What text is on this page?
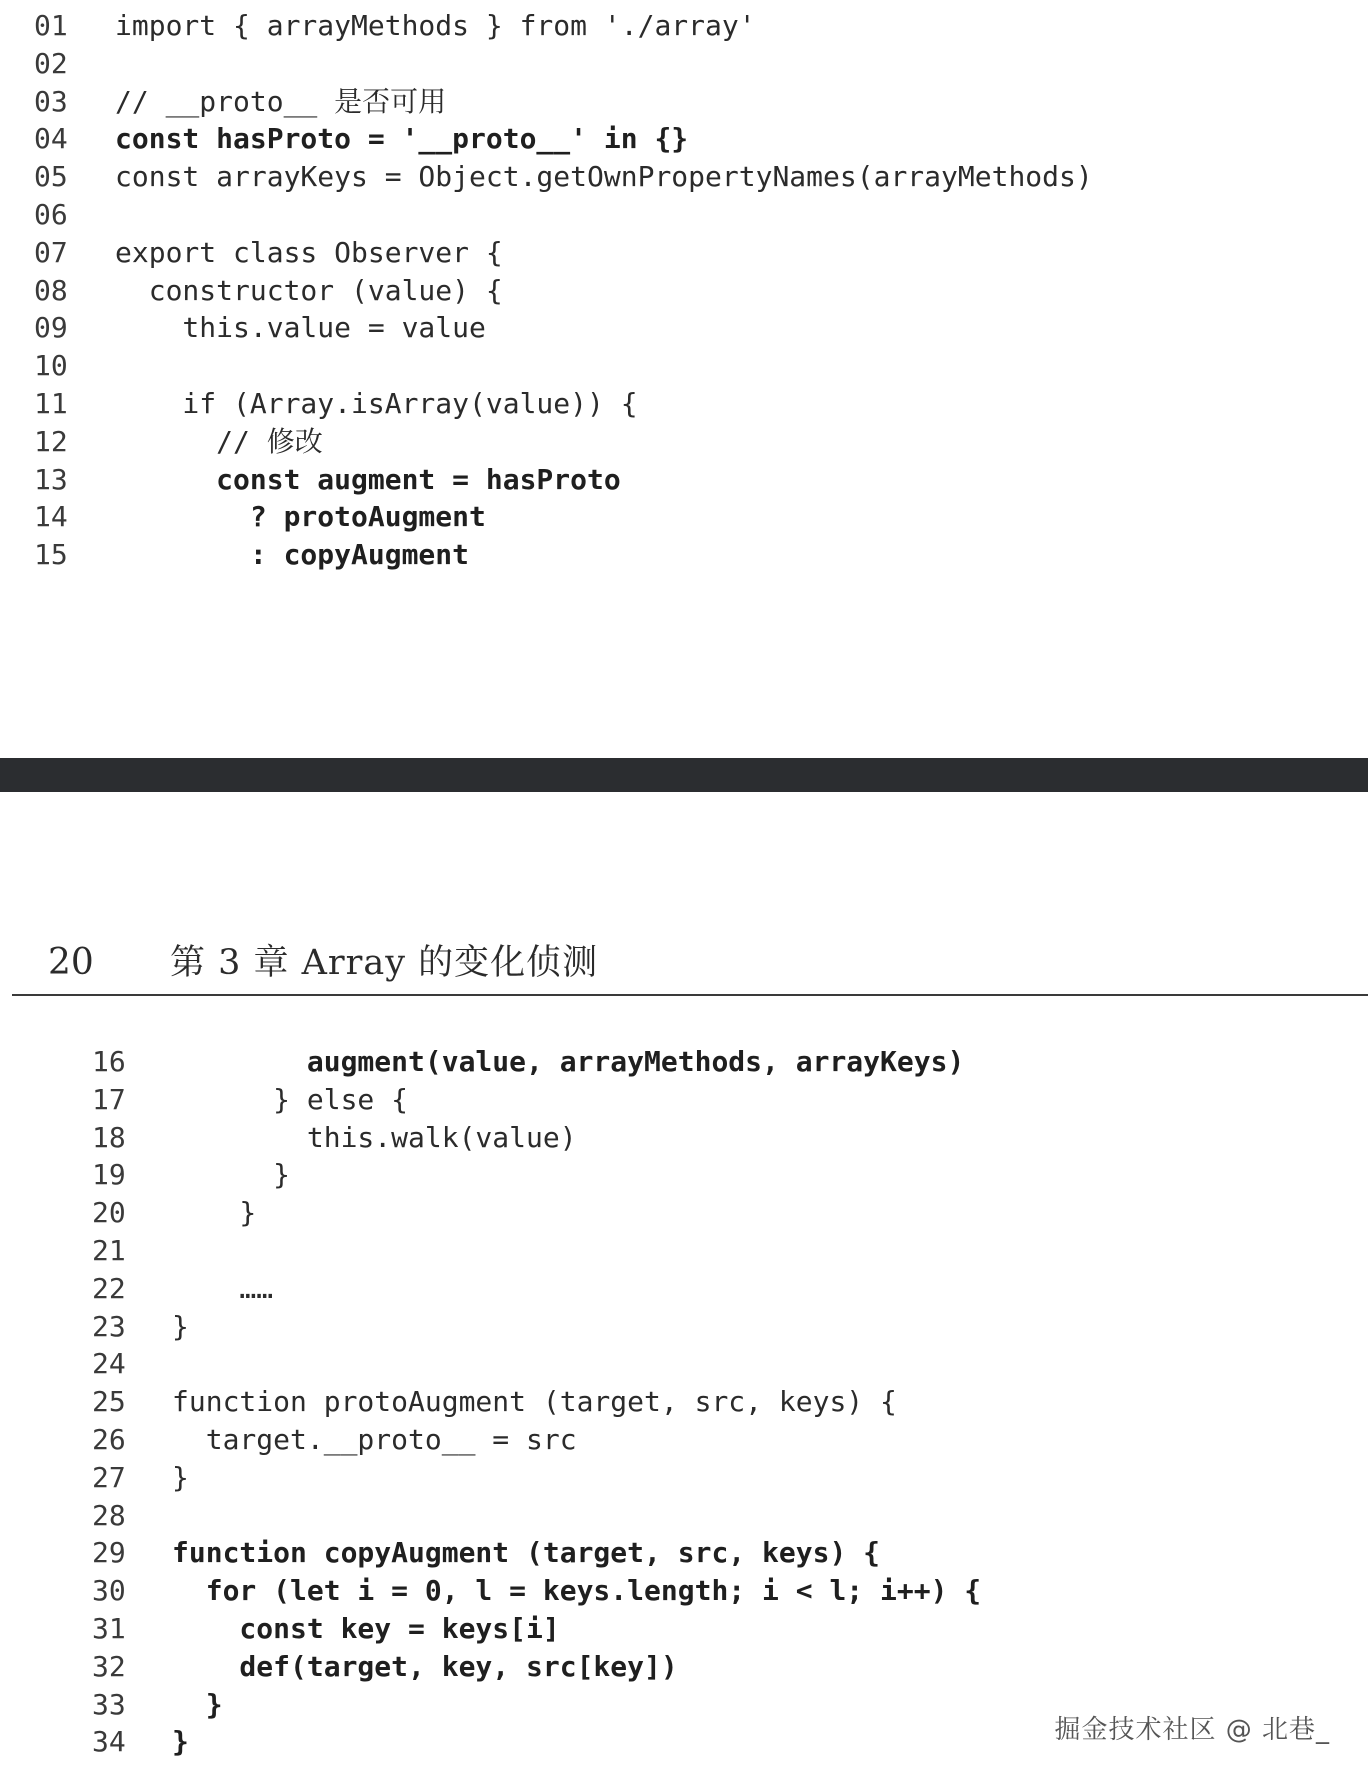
01 import { arrayMethods } from './array'
02
03 // __proto__ 是否可用
04 const hasProto = '__proto__' in {}
05 const arrayKeys = Object.getOwnPropertyNames(arrayMethods)
06
07 export class Observer {
08 constructor (value) {
09 this.value = value
10
11 if (Array.isArray(value)) {
12 // 修改
13 const augment = hasProto
14 ? protoAugment
15 : copyAugment
20 第 3 章 Array 的变化侦测
16 augment(value, arrayMethods, arrayKeys)
17 } else {
18 this.walk(value)
19 }
20 }
21
22 ……
23 }
24
25 function protoAugment (target, src, keys) {
26 target.__proto__ = src
27 }
28
29 function copyAugment (target, src, keys) {
30 for (let i = 0, l = keys.length; i < l; i++) {
31 const key = keys[i]
32 def(target, key, src[key])
33 }
34 }	掘金技术社区 @ 北巷_
